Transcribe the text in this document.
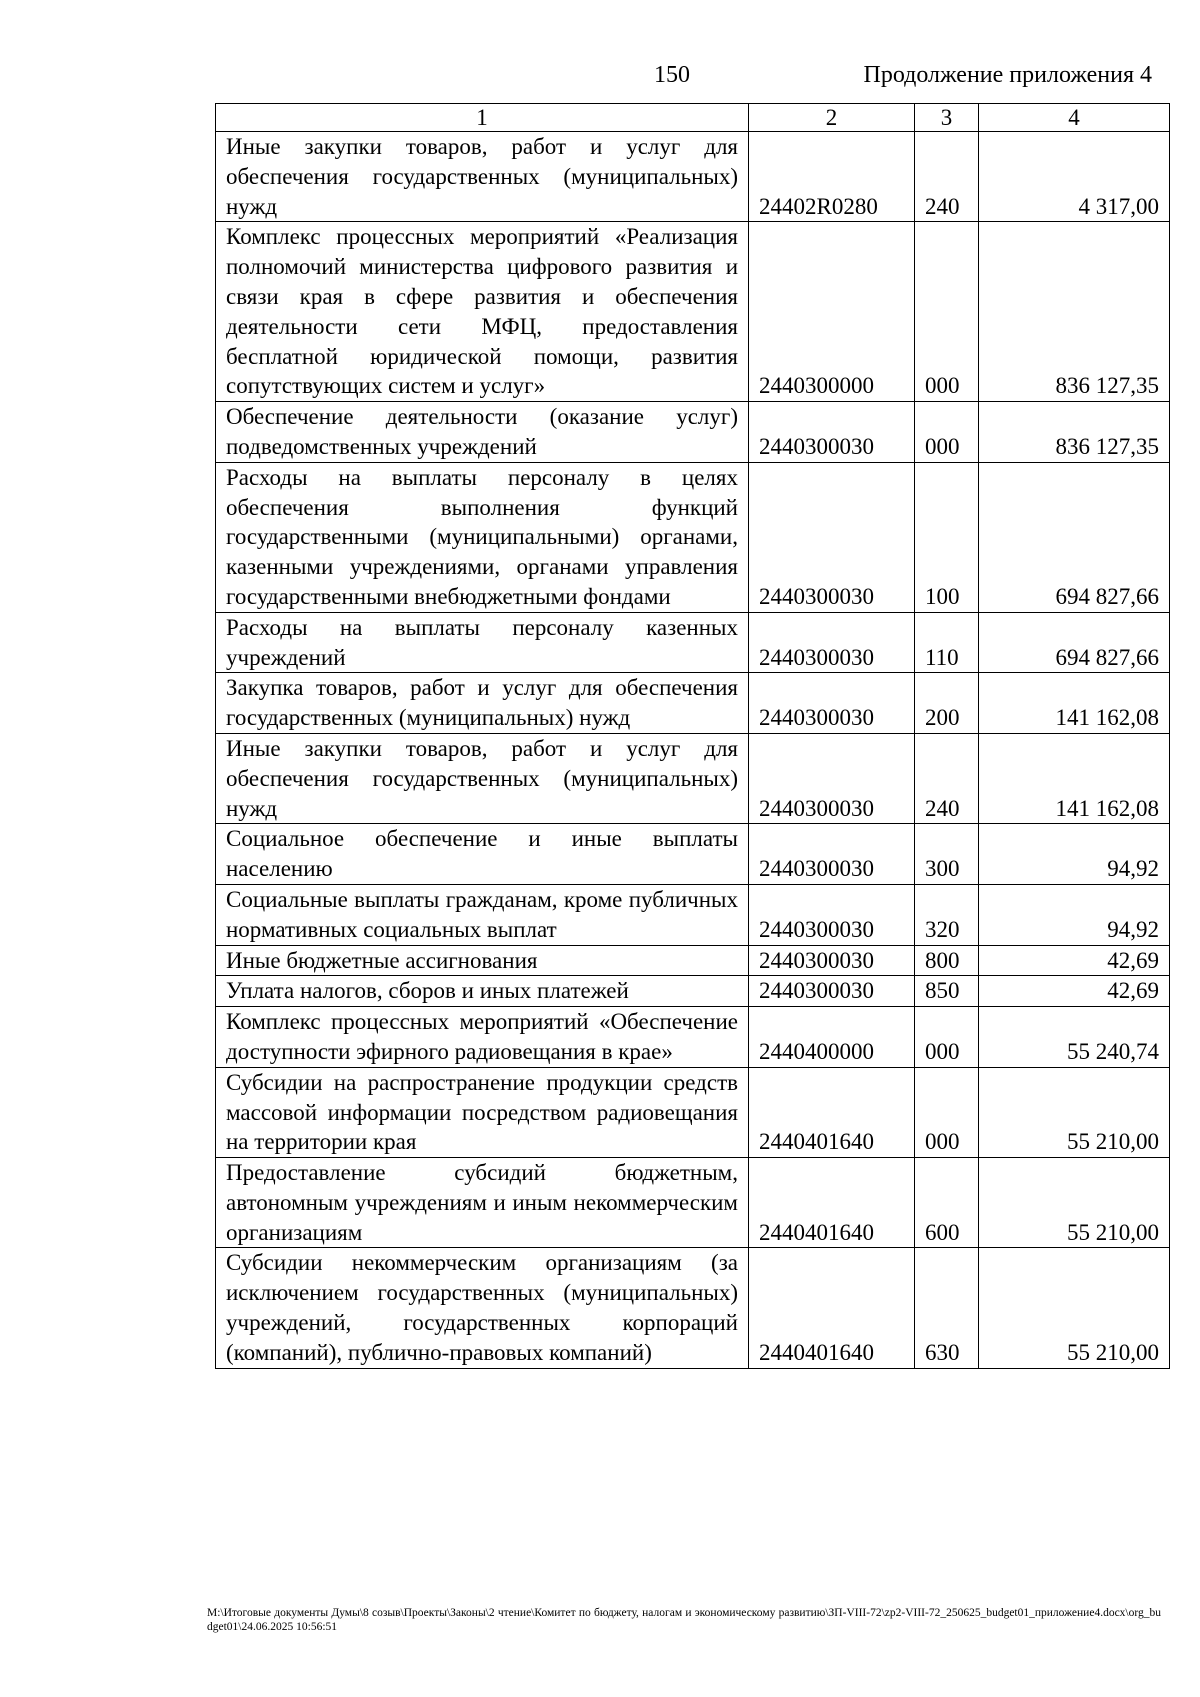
150	Продолжение приложения 4
1	2	3	4
Иные закупки товаров, работ и услуг для обеспечения государственных (муниципальных) нужд	24402R0280	240	4 317,00
Комплекс процессных мероприятий «Реализация полномочий министерства цифрового развития и связи края в сфере развития и обеспечения деятельности сети МФЦ, предоставления бесплатной юридической помощи, развития сопутствующих систем и услуг»	2440300000	000	836 127,35
Обеспечение деятельности (оказание услуг) подведомственных учреждений	2440300030	000	836 127,35
Расходы на выплаты персоналу в целях обеспечения выполнения функций государственными (муниципальными) органами, казенными учреждениями, органами управления государственными внебюджетными фондами	2440300030	100	694 827,66
Расходы на выплаты персоналу казенных учреждений	2440300030	110	694 827,66
Закупка товаров, работ и услуг для обеспечения государственных (муниципальных) нужд	2440300030	200	141 162,08
Иные закупки товаров, работ и услуг для обеспечения государственных (муниципальных) нужд	2440300030	240	141 162,08
Социальное обеспечение и иные выплаты населению	2440300030	300	94,92
Социальные выплаты гражданам, кроме публичных нормативных социальных выплат	2440300030	320	94,92
Иные бюджетные ассигнования	2440300030	800	42,69
Уплата налогов, сборов и иных платежей	2440300030	850	42,69
Комплекс процессных мероприятий «Обеспечение доступности эфирного радиовещания в крае»	2440400000	000	55 240,74
Субсидии на распространение продукции средств массовой информации посредством радиовещания на территории края	2440401640	000	55 210,00
Предоставление субсидий бюджетным, автономным учреждениям и иным некоммерческим организациям	2440401640	600	55 210,00
Субсидии некоммерческим организациям (за исключением государственных (муниципальных) учреждений, государственных корпораций (компаний), публично-правовых компаний)	2440401640	630	55 210,00
M:\Итоговые документы Думы\8 созыв\Проекты\Законы\2 чтение\Комитет по бюджету, налогам и экономическому развитию\ЗП-VIII-72\zp2-VIII-72_250625_budget01_приложение4.docx\org_budget01\24.06.2025 10:56:51
